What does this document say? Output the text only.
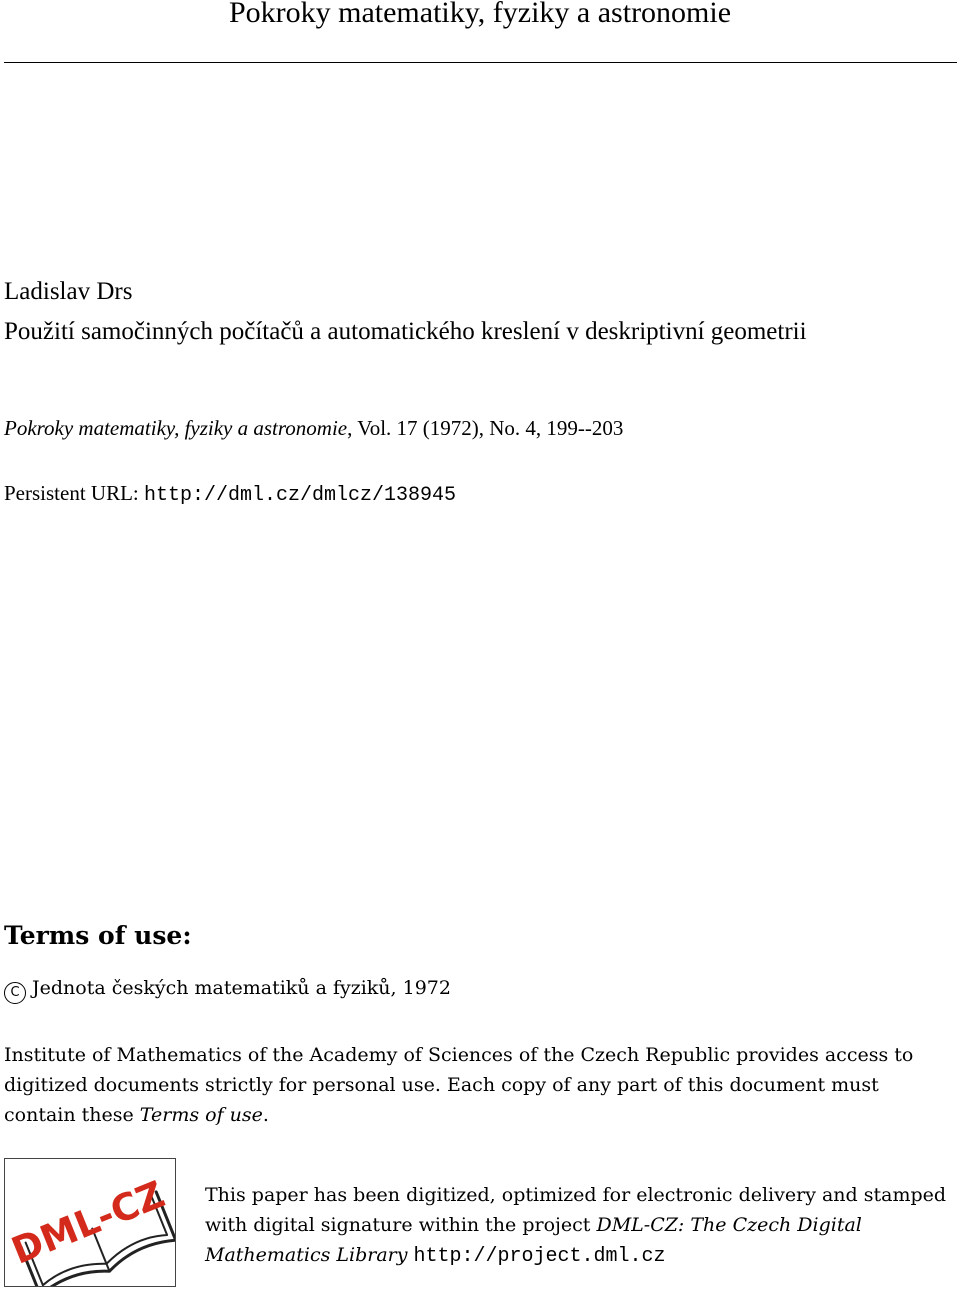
Pokroky matematiky, fyziky a astronomie
Ladislav Drs
Použití samočinných počítačů a automatického kreslení v deskriptivní geometrii
Pokroky matematiky, fyziky a astronomie, Vol. 17 (1972), No. 4, 199--203
Persistent URL: http://dml.cz/dmlcz/138945
Terms of use:
C Jednota českých matematiků a fyziků, 1972
Institute of Mathematics of the Academy of Sciences of the Czech Republic provides access to digitized documents strictly for personal use. Each copy of any part of this document must contain these Terms of use.
DML-CZ This paper has been digitized, optimized for electronic delivery and stamped with digital signature within the project DML-CZ: The Czech Digital Mathematics Library http://project.dml.cz
